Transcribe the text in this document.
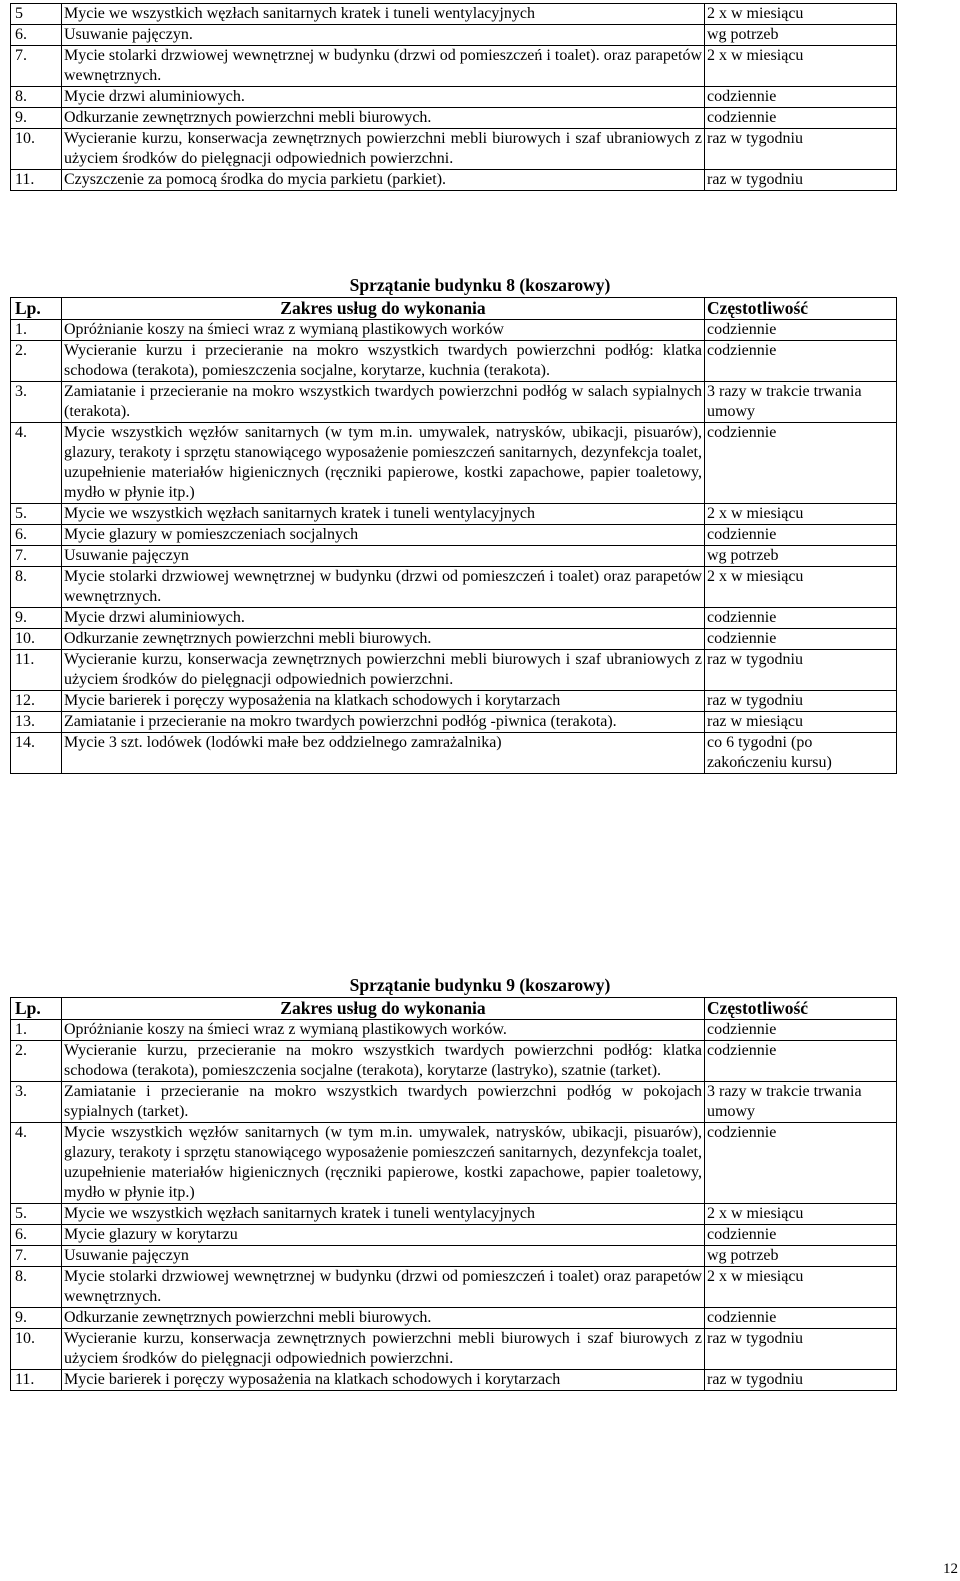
5	Mycie we wszystkich węzłach sanitarnych kratek i tuneli wentylacyjnych	2 x w miesiącu
6.	Usuwanie pajęczyn.	wg potrzeb
7.	Mycie stolarki drzwiowej wewnętrznej w budynku (drzwi od pomieszczeń i toalet). oraz parapetów wewnętrznych.	2 x w miesiącu
8.	Mycie drzwi aluminiowych.	codziennie
9.	Odkurzanie zewnętrznych powierzchni mebli biurowych.	codziennie
10.	Wycieranie kurzu, konserwacja zewnętrznych powierzchni mebli biurowych i szaf ubraniowych z użyciem środków do pielęgnacji odpowiednich powierzchni.	raz w tygodniu
11.	Czyszczenie za pomocą środka do mycia parkietu (parkiet).	raz w tygodniu
Sprzątanie budynku 8 (koszarowy)
Lp.	Zakres usług do wykonania	Częstotliwość
1.	Opróżnianie koszy na śmieci wraz z wymianą plastikowych worków	codziennie
2.	Wycieranie kurzu i przecieranie na mokro wszystkich twardych powierzchni podłóg: klatka schodowa (terakota), pomieszczenia socjalne, korytarze, kuchnia (terakota).	codziennie
3.	Zamiatanie i przecieranie na mokro wszystkich twardych powierzchni podłóg w salach sypialnych (terakota).	3 razy w trakcie trwania umowy
4.	Mycie wszystkich węzłów sanitarnych (w tym m.in. umywalek, natrysków, ubikacji, pisuarów), glazury, terakoty i sprzętu stanowiącego wyposażenie pomieszczeń sanitarnych, dezynfekcja toalet, uzupełnienie materiałów higienicznych (ręczniki papierowe, kostki zapachowe, papier toaletowy, mydło w płynie itp.)	codziennie
5.	Mycie we wszystkich węzłach sanitarnych kratek i tuneli wentylacyjnych	2 x w miesiącu
6.	Mycie glazury w pomieszczeniach socjalnych	codziennie
7.	Usuwanie pajęczyn	wg potrzeb
8.	Mycie stolarki drzwiowej wewnętrznej w budynku (drzwi od pomieszczeń i toalet) oraz parapetów wewnętrznych.	2 x w miesiącu
9.	Mycie drzwi aluminiowych.	codziennie
10.	Odkurzanie zewnętrznych powierzchni mebli biurowych.	codziennie
11.	Wycieranie kurzu, konserwacja zewnętrznych powierzchni mebli biurowych i szaf ubraniowych z użyciem środków do pielęgnacji odpowiednich powierzchni.	raz w tygodniu
12.	Mycie barierek i poręczy wyposażenia na klatkach schodowych i korytarzach	raz w tygodniu
13.	Zamiatanie i przecieranie na mokro twardych powierzchni podłóg -piwnica (terakota).	raz w miesiącu
14.	Mycie 3 szt. lodówek (lodówki małe bez oddzielnego zamrażalnika)	co 6 tygodni (po zakończeniu kursu)
Sprzątanie budynku 9 (koszarowy)
Lp.	Zakres usług do wykonania	Częstotliwość
1.	Opróżnianie koszy na śmieci wraz z wymianą plastikowych worków.	codziennie
2.	Wycieranie kurzu, przecieranie na mokro wszystkich twardych powierzchni podłóg: klatka schodowa (terakota), pomieszczenia socjalne (terakota), korytarze (lastryko), szatnie (tarket).	codziennie
3.	Zamiatanie i przecieranie na mokro wszystkich twardych powierzchni podłóg w pokojach sypialnych (tarket).	3 razy w trakcie trwania umowy
4.	Mycie wszystkich węzłów sanitarnych (w tym m.in. umywalek, natrysków, ubikacji, pisuarów), glazury, terakoty i sprzętu stanowiącego wyposażenie pomieszczeń sanitarnych, dezynfekcja toalet, uzupełnienie materiałów higienicznych (ręczniki papierowe, kostki zapachowe, papier toaletowy, mydło w płynie itp.)	codziennie
5.	Mycie we wszystkich węzłach sanitarnych kratek i tuneli wentylacyjnych	2 x w miesiącu
6.	Mycie glazury w korytarzu	codziennie
7.	Usuwanie pajęczyn	wg potrzeb
8.	Mycie stolarki drzwiowej wewnętrznej w budynku (drzwi od pomieszczeń i toalet) oraz parapetów wewnętrznych.	2 x w miesiącu
9.	Odkurzanie zewnętrznych powierzchni mebli biurowych.	codziennie
10.	Wycieranie kurzu, konserwacja zewnętrznych powierzchni mebli biurowych i szaf biurowych z użyciem środków do pielęgnacji odpowiednich powierzchni.	raz w tygodniu
11.	Mycie barierek i poręczy wyposażenia na klatkach schodowych i korytarzach	raz w tygodniu
12
